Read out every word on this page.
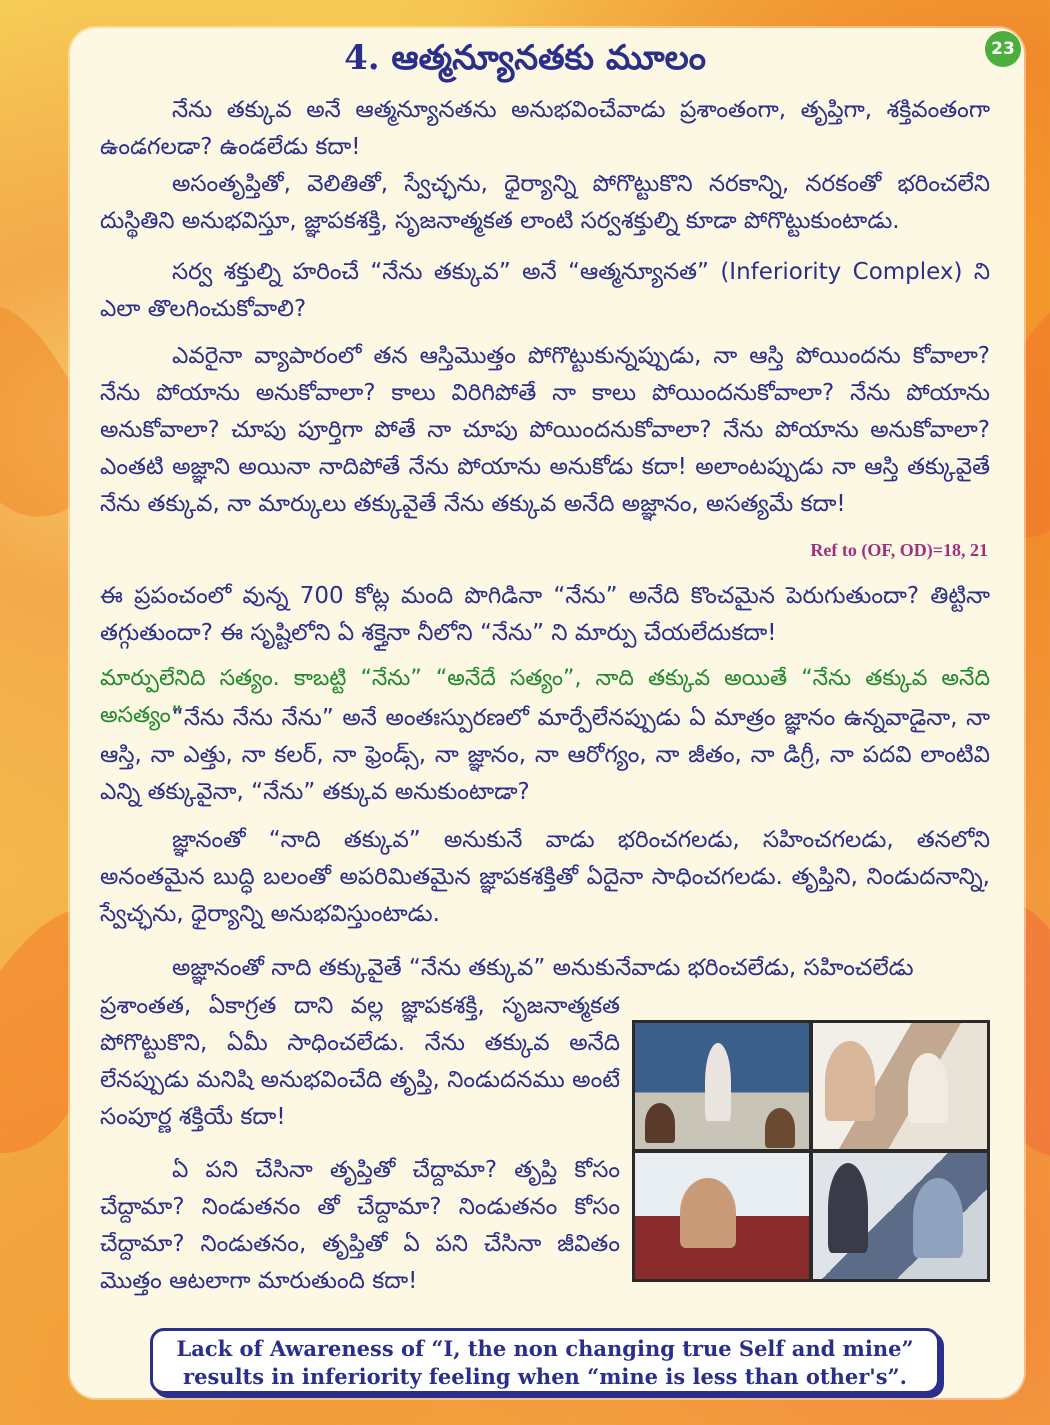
23
4. ఆత్మన్యూనతకు మూలం
నేను తక్కువ అనే ఆత్మన్యూనతను అనుభవించేవాడు ప్రశాంతంగా, తృప్తిగా, శక్తివంతంగా ఉండగలడా? ఉండలేడు కదా!
అసంతృప్తితో, వెలితితో, స్వేచ్ఛను, ధైర్యాన్ని పోగొట్టుకొని నరకాన్ని, నరకంతో భరించలేని దుస్థితిని అనుభవిస్తూ, జ్ఞాపకశక్తి, సృజనాత్మకత లాంటి సర్వశక్తుల్ని కూడా పోగొట్టుకుంటాడు.
సర్వ శక్తుల్ని హరించే “నేను తక్కువ” అనే “ఆత్మన్యూనత” (Inferiority Complex) ని ఎలా తొలగించుకోవాలి?
ఎవరైనా వ్యాపారంలో తన ఆస్తిమొత్తం పోగొట్టుకున్నప్పుడు, నా ఆస్తి పోయిందను కోవాలా? నేను పోయాను అనుకోవాలా? కాలు విరిగిపోతే నా కాలు పోయిందనుకోవాలా? నేను పోయాను అనుకోవాలా? చూపు పూర్తిగా పోతే నా చూపు పోయిందనుకోవాలా? నేను పోయాను అనుకోవాలా? ఎంతటి అజ్ఞాని అయినా నాదిపోతే నేను పోయాను అనుకోడు కదా! అలాంటప్పుడు నా ఆస్తి తక్కువైతే నేను తక్కువ, నా మార్కులు తక్కువైతే నేను తక్కువ అనేది అజ్ఞానం, అసత్యమే కదా!
Ref to (OF, OD)=18, 21
ఈ ప్రపంచంలో వున్న 700 కోట్ల మంది పొగిడినా “నేను” అనేది కొంచమైన పెరుగుతుందా? తిట్టినా తగ్గుతుందా? ఈ సృష్టిలోని ఏ శక్తైనా నీలోని “నేను” ని మార్పు చేయలేదుకదా!
మార్పులేనిది సత్యం. కాబట్టి “నేను” “అనేదే సత్యం”, నాది తక్కువ అయితే “నేను తక్కువ అనేది అసత్యం”
“నేను నేను నేను” అనే అంతఃస్పురణలో మార్పేలేనప్పుడు ఏ మాత్రం జ్ఞానం ఉన్నవాడైనా, నా ఆస్తి, నా ఎత్తు, నా కలర్, నా ఫ్రెండ్స్, నా జ్ఞానం, నా ఆరోగ్యం, నా జీతం, నా డిగ్రీ, నా పదవి లాంటివి ఎన్ని తక్కువైనా, “నేను” తక్కువ అనుకుంటాడా?
జ్ఞానంతో “నాది తక్కువ” అనుకునే వాడు భరించగలడు, సహించగలడు, తనలోని అనంతమైన బుద్ధి బలంతో అపరిమితమైన జ్ఞాపకశక్తితో ఏదైనా సాధించగలడు. తృప్తిని, నిండుదనాన్ని, స్వేచ్ఛను, ధైర్యాన్ని అనుభవిస్తుంటాడు.
అజ్ఞానంతో నాది తక్కువైతే “నేను తక్కువ” అనుకునేవాడు భరించలేడు, సహించలేడు
ప్రశాంతత, ఏకాగ్రత దాని వల్ల జ్ఞాపకశక్తి, సృజనాత్మకత పోగొట్టుకొని, ఏమీ సాధించలేడు. నేను తక్కువ అనేది లేనప్పుడు మనిషి అనుభవించేది తృప్తి, నిండుదనము అంటే సంపూర్ణ శక్తియే కదా!
ఏ పని చేసినా తృప్తితో చేద్దామా? తృప్తి కోసం చేద్దామా? నిండుతనం తో చేద్దామా? నిండుతనం కోసం చేద్దామా? నిండుతనం, తృప్తితో ఏ పని చేసినా జీవితం మొత్తం ఆటలాగా మారుతుంది కదా!
Lack of Awareness of “I, the non changing true Self and mine”
results in inferiority feeling when “mine is less than other's”.
